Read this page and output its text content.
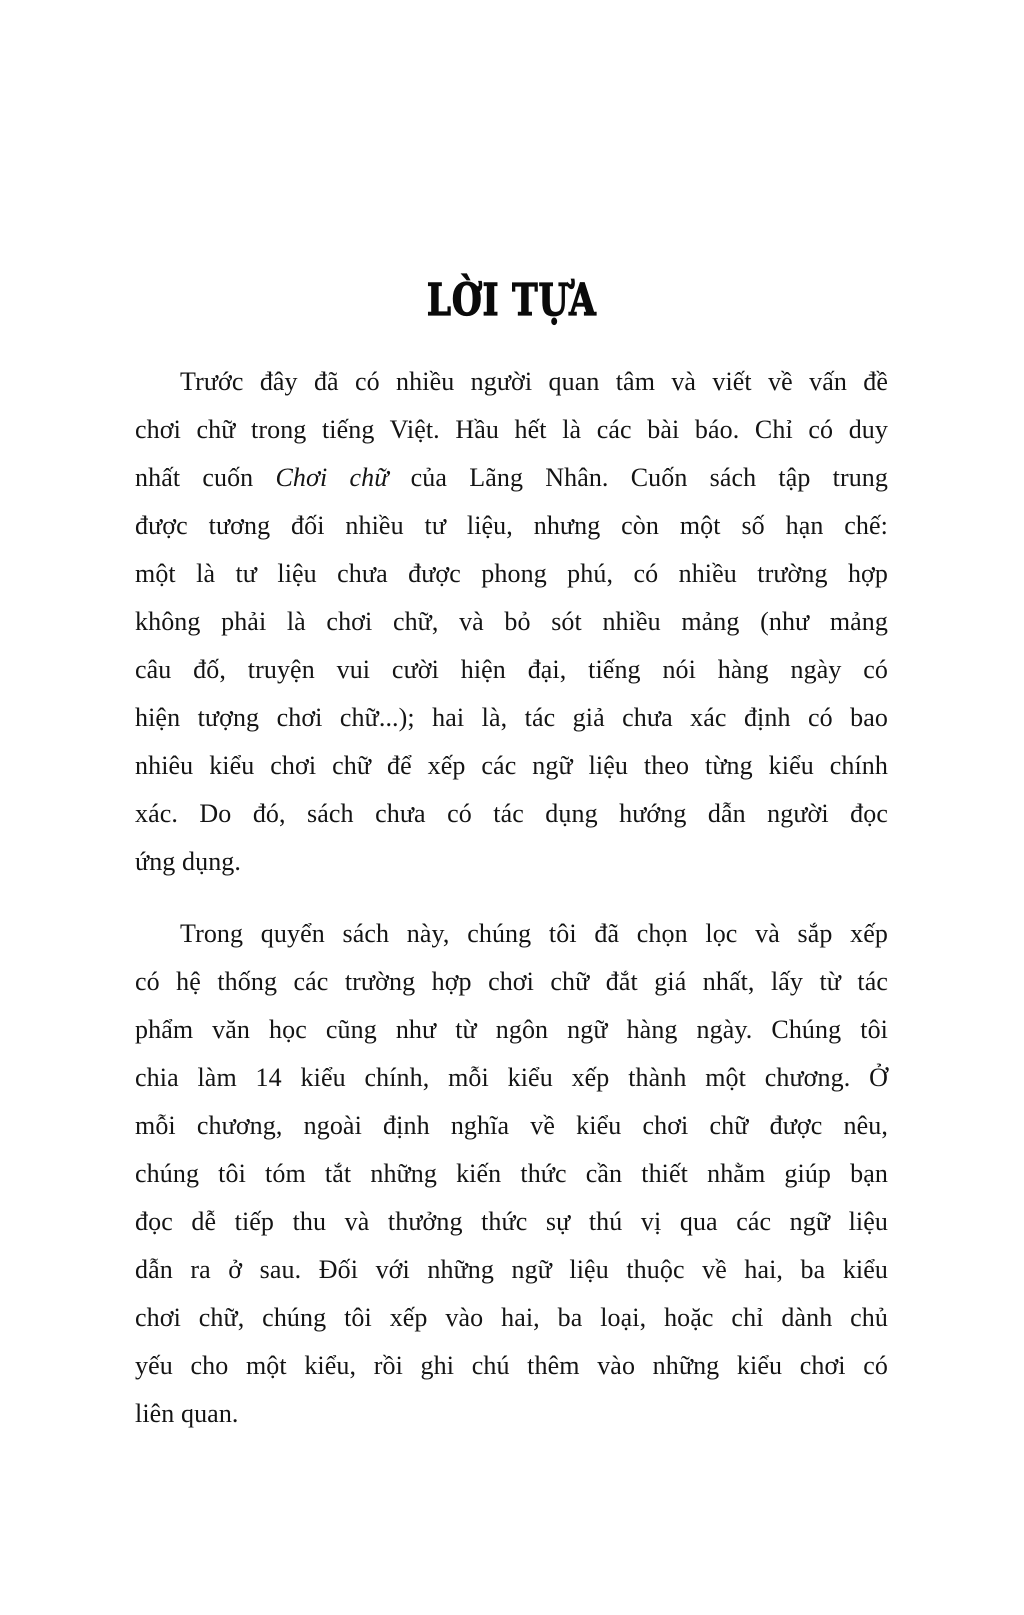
LỜI TỰA
Trước đây đã có nhiều người quan tâm và viết về vấn đề
chơi chữ trong tiếng Việt. Hầu hết là các bài báo. Chỉ có duy
nhất cuốn Chơi chữ của Lãng Nhân. Cuốn sách tập trung
được tương đối nhiều tư liệu, nhưng còn một số hạn chế:
một là tư liệu chưa được phong phú, có nhiều trường hợp
không phải là chơi chữ, và bỏ sót nhiều mảng (như mảng
câu đố, truyện vui cười hiện đại, tiếng nói hàng ngày có
hiện tượng chơi chữ...); hai là, tác giả chưa xác định có bao
nhiêu kiểu chơi chữ để xếp các ngữ liệu theo từng kiểu chính
xác. Do đó, sách chưa có tác dụng hướng dẫn người đọc
ứng dụng.
Trong quyển sách này, chúng tôi đã chọn lọc và sắp xếp
có hệ thống các trường hợp chơi chữ đắt giá nhất, lấy từ tác
phẩm văn học cũng như từ ngôn ngữ hàng ngày. Chúng tôi
chia làm 14 kiểu chính, mỗi kiểu xếp thành một chương. Ở
mỗi chương, ngoài định nghĩa về kiểu chơi chữ được nêu,
chúng tôi tóm tắt những kiến thức cần thiết nhằm giúp bạn
đọc dễ tiếp thu và thưởng thức sự thú vị qua các ngữ liệu
dẫn ra ở sau. Đối với những ngữ liệu thuộc về hai, ba kiểu
chơi chữ, chúng tôi xếp vào hai, ba loại, hoặc chỉ dành chủ
yếu cho một kiểu, rồi ghi chú thêm vào những kiểu chơi có
liên quan.
